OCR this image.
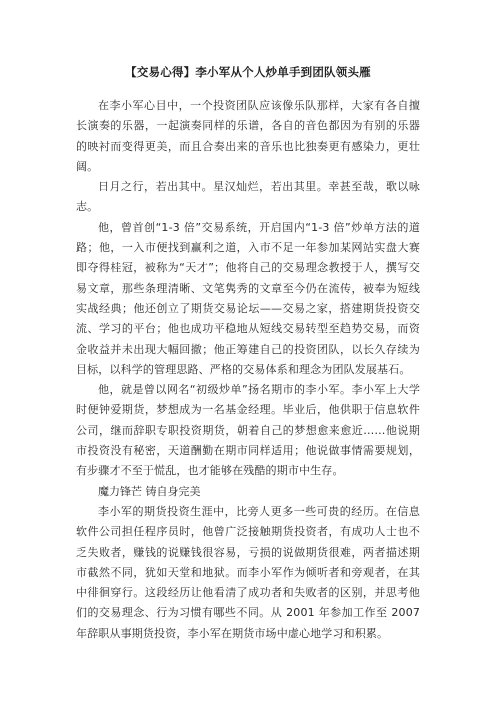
【交易心得】李小军从个人炒单手到团队领头雁

在李小军心目中，一个投资团队应该像乐队那样，大家有各自擅长演奏的乐器，一起演奏同样的乐谱，各自的音色都因为有别的乐器的映衬而变得更美，而且合奏出来的音乐也比独奏更有感染力，更壮阔。

日月之行，若出其中。星汉灿烂，若出其里。幸甚至哉，歌以咏志。

他，曾首创“1-3 倍”交易系统，开启国内“1-3 倍”炒单方法的道路；他，一入市便找到赢利之道，入市不足一年参加某网站实盘大赛即夺得桂冠，被称为“天才”；他将自己的交易理念教授于人，撰写交易文章，那些条理清晰、文笔隽秀的文章至今仍在流传，被奉为短线实战经典；他还创立了期货交易论坛——交易之家，搭建期货投资交流、学习的平台；他也成功平稳地从短线交易转型至趋势交易，而资金收益并未出现大幅回撤；他正筹建自己的投资团队，以长久存续为目标，以科学的管理思路、严格的交易体系和理念为团队发展基石。

他，就是曾以网名“初级炒单”扬名期市的李小军。李小军上大学时便钟爱期货，梦想成为一名基金经理。毕业后，他供职于信息软件公司，继而辞职专职投资期货，朝着自己的梦想愈来愈近……他说期市投资没有秘密，天道酬勤在期市同样适用；他说做事情需要规划，有步骤才不至于慌乱，也才能够在残酷的期市中生存。

魔力锋芒 铸自身完美

李小军的期货投资生涯中，比旁人更多一些可贵的经历。在信息软件公司担任程序员时，他曾广泛接触期货投资者，有成功人士也不乏失败者，赚钱的说赚钱很容易，亏损的说做期货很难，两者描述期市截然不同，犹如天堂和地狱。而李小军作为倾听者和旁观者，在其中徘徊穿行。这段经历让他看清了成功者和失败者的区别，并思考他们的交易理念、行为习惯有哪些不同。从 2001 年参加工作至 2007 年辞职从事期货投资，李小军在期货市场中虚心地学习和积累。
